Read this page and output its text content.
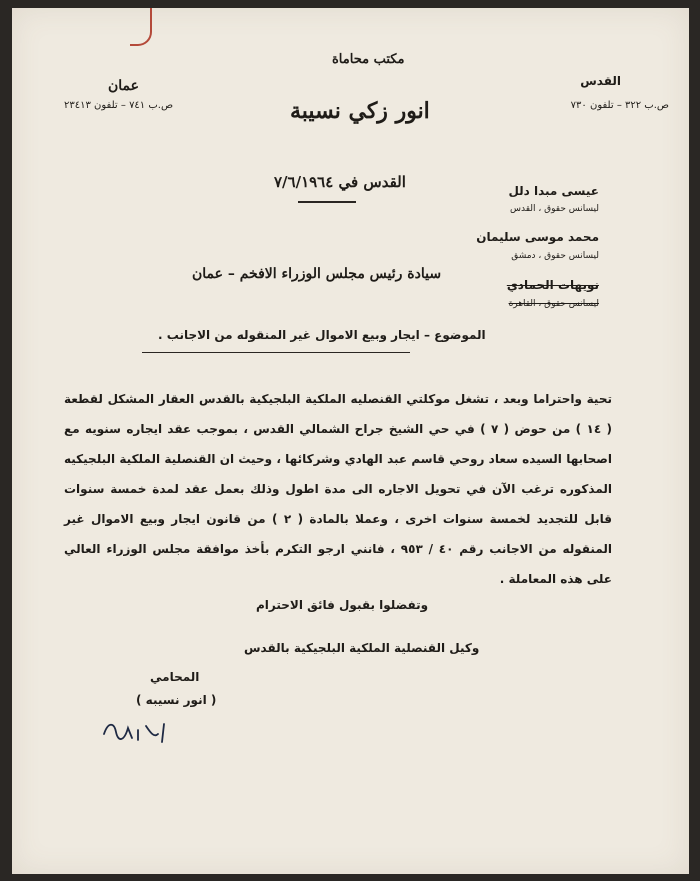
مكتب محاماة
انور زكي نسيبة
القدس
ص.ب ٣٢٢ – تلفون ٧٣٠
عمان
ص.ب ٧٤١ – تلفون ٢٣٤١٣
القدس في ٧/٦/١٩٦٤	عيسى مبدا دلل
ليسانس حقوق ، القدس
محمد موسى سليمان
ليسانس حقوق ، دمشق
نويهات الحمادي
ليسانس حقوق ، القاهرة
سيادة رئيس مجلس الوزراء الافخم – عمان
الموضوع – ايجار وبيع الاموال غير المنقوله من الاجانب .
تحية واحتراما وبعد ، تشغل موكلتي القنصليه الملكية البلجيكية بالقدس العقار المشكل لقطعة ( ١٤ ) من حوض ( ٧ ) في حي الشيخ جراح الشمالي القدس ، بموجب عقد ايجاره سنويه مع اصحابها السيده سعاد روحي قاسم عبد الهادي وشركائها ، وحيث ان القنصلية الملكية البلجيكيه المذكوره ترغب الآن في تحويل الاجاره الى مدة اطول وذلك بعمل عقد لمدة خمسة سنوات قابل للتجديد لخمسة سنوات اخرى ، وعملا بالمادة ( ٢ ) من قانون ايجار وبيع الاموال غير المنقوله من الاجانب رقم ٤٠ / ٩٥٣ ، فانني ارجو التكرم بأخذ موافقة مجلس الوزراء العالي على هذه المعاملة .
وتفضلوا بقبول فائق الاحترام
وكيل القنصلية الملكية البلجيكية بالقدس
المحامي
( انور نسيبه )
